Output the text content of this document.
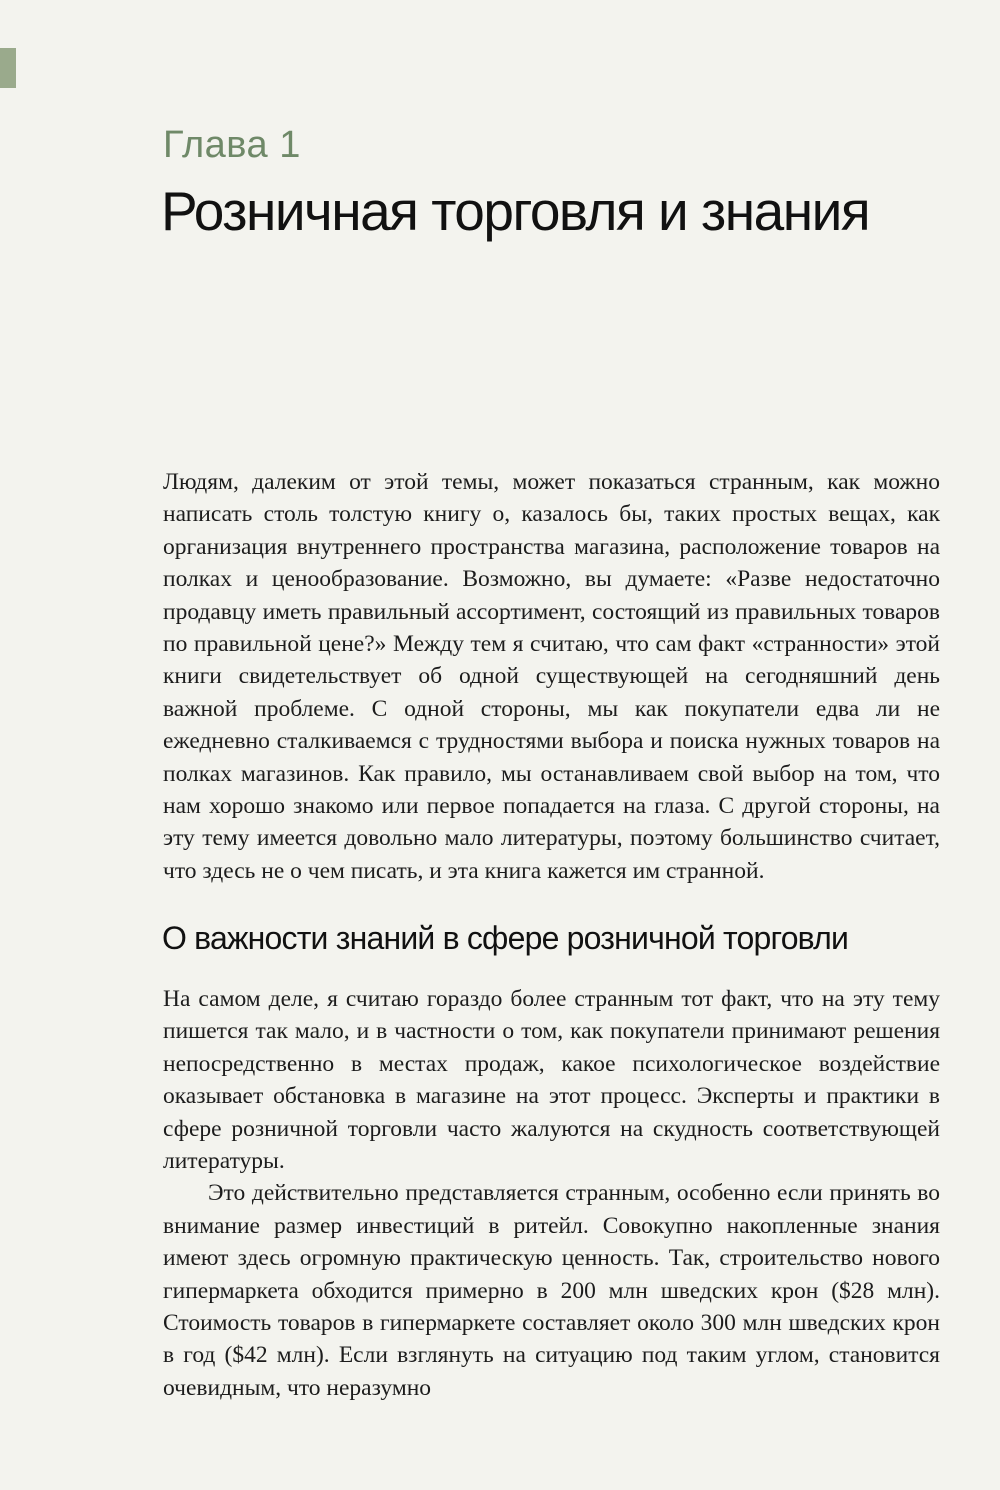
Глава 1
Розничная торговля и знания

Людям, далеким от этой темы, может показаться странным, как можно написать столь толстую книгу о, казалось бы, таких простых вещах, как организация внутреннего пространства магазина, расположение товаров на полках и ценообразование. Возможно, вы думаете: «Разве недостаточно продавцу иметь правильный ассортимент, состоящий из правильных товаров по правильной цене?» Между тем я считаю, что сам факт «странности» этой книги свидетельствует об одной существующей на сегодняшний день важной проблеме. С одной стороны, мы как покупатели едва ли не ежедневно сталкиваемся с трудностями выбора и поиска нужных товаров на полках магазинов. Как правило, мы останавливаем свой выбор на том, что нам хорошо знакомо или первое попадается на глаза. С другой стороны, на эту тему имеется довольно мало литературы, поэтому большинство считает, что здесь не о чем писать, и эта книга кажется им странной.

О важности знаний в сфере розничной торговли

На самом деле, я считаю гораздо более странным тот факт, что на эту тему пишется так мало, и в частности о том, как покупатели принимают решения непосредственно в местах продаж, какое психологическое воздействие оказывает обстановка в магазине на этот процесс. Эксперты и практики в сфере розничной торговли часто жалуются на скудность соответствующей литературы.

Это действительно представляется странным, особенно если принять во внимание размер инвестиций в ритейл. Совокупно накопленные знания имеют здесь огромную практическую ценность. Так, строительство нового гипермаркета обходится примерно в 200 млн шведских крон ($28 млн). Стоимость товаров в гипермаркете составляет около 300 млн шведских крон в год ($42 млн). Если взглянуть на ситуацию под таким углом, становится очевидным, что неразумно
